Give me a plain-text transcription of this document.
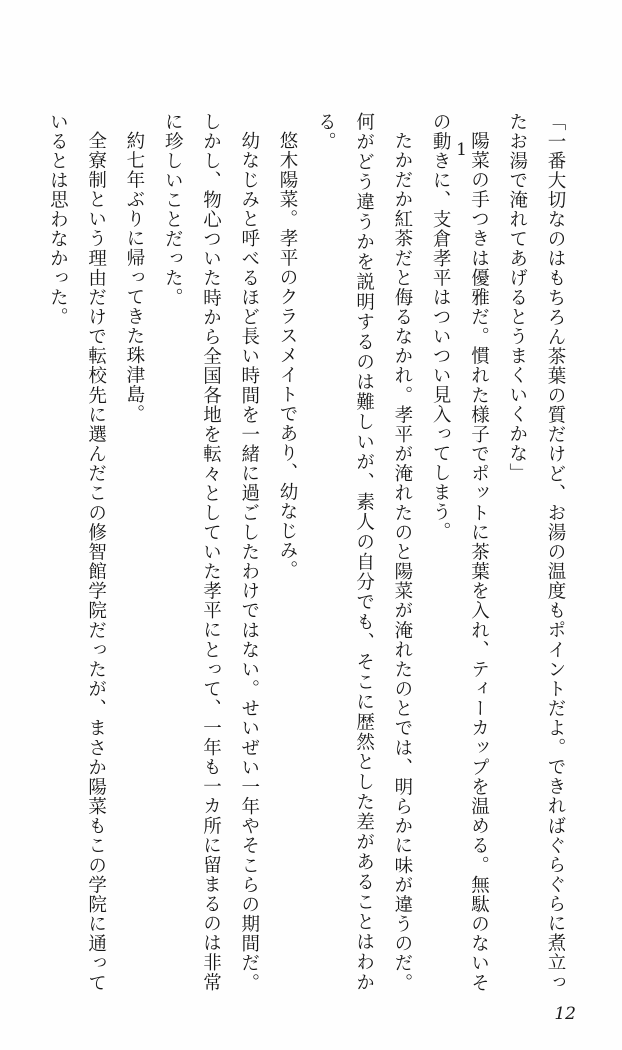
1	「一番大切なのはもちろん茶葉の質だけど、お湯の温度もポイントだよ。できればぐらぐらに煮立ったお湯で淹れてあげるとうまくいくかな」

陽菜の手つきは優雅だ。慣れた様子でポットに茶葉を入れ、ティーカップを温める。無駄のないその動きに、支倉孝平はついつい見入ってしまう。

たかだか紅茶だと侮るなかれ。孝平が淹れたのと陽菜が淹れたのとでは、明らかに味が違うのだ。何がどう違うかを説明するのは難しいが、素人の自分でも、そこに歴然とした差があることはわかる。

悠木陽菜。孝平のクラスメイトであり、幼なじみ。

幼なじみと呼べるほど長い時間を一緒に過ごしたわけではない。せいぜい一年やそこらの期間だ。しかし、物心ついた時から全国各地を転々としていた孝平にとって、一年も一カ所に留まるのは非常に珍しいことだった。

約七年ぶりに帰ってきた珠津島。

全寮制という理由だけで転校先に選んだこの修智館学院だったが、まさか陽菜もこの学院に通っているとは思わなかった。

12
